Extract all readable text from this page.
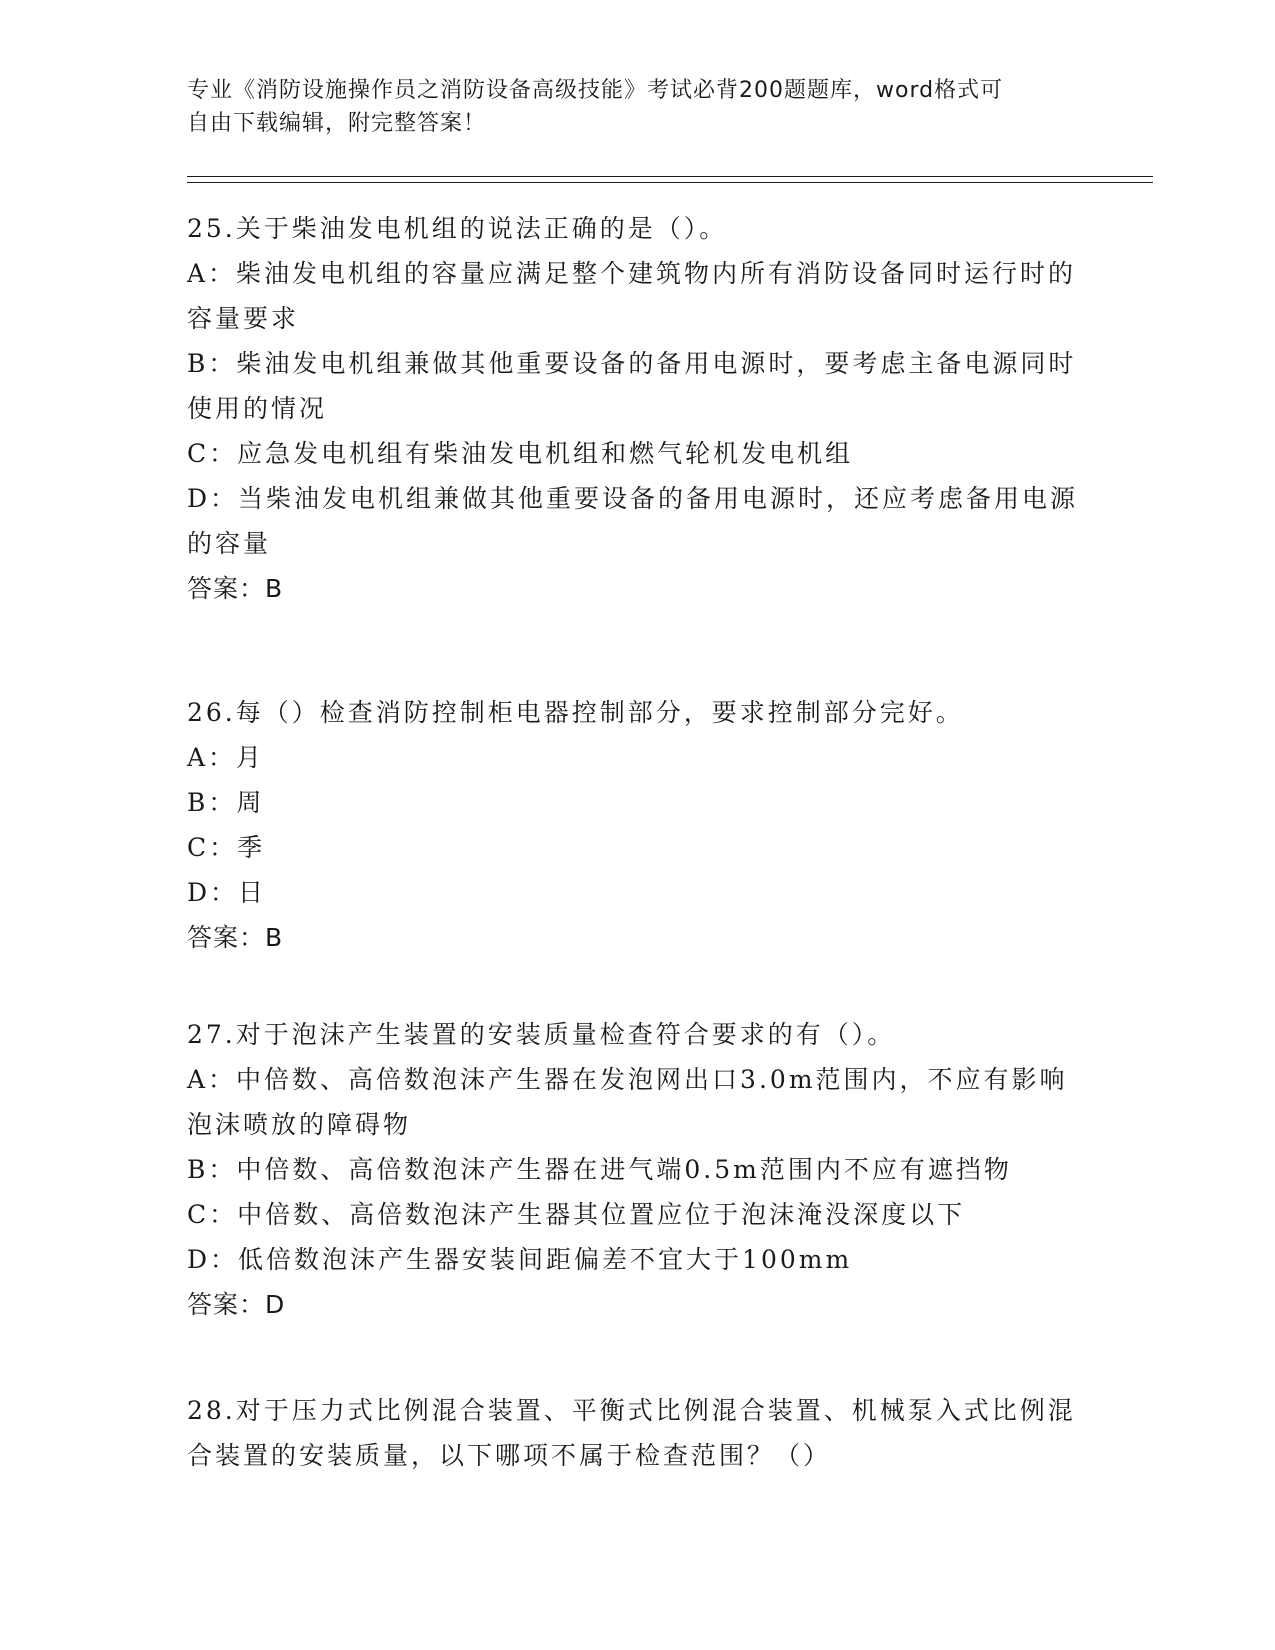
专业《消防设施操作员之消防设备高级技能》考试必背200题题库，word格式可
自由下载编辑，附完整答案！

25.关于柴油发电机组的说法正确的是（）。

A：柴油发电机组的容量应满足整个建筑物内所有消防设备同时运行时的容量要求

B：柴油发电机组兼做其他重要设备的备用电源时，要考虑主备电源同时使用的情况

C：应急发电机组有柴油发电机组和燃气轮机发电机组

D：当柴油发电机组兼做其他重要设备的备用电源时，还应考虑备用电源的容量

答案：B

26.每（）检查消防控制柜电器控制部分，要求控制部分完好。

A：月

B：周

C：季

D：日

答案：B

27.对于泡沫产生装置的安装质量检查符合要求的有（）。

A：中倍数、高倍数泡沫产生器在发泡网出口3.0m范围内，不应有影响泡沫喷放的障碍物

B：中倍数、高倍数泡沫产生器在进气端0.5m范围内不应有遮挡物

C：中倍数、高倍数泡沫产生器其位置应位于泡沫淹没深度以下

D：低倍数泡沫产生器安装间距偏差不宜大于100mm

答案：D

28.对于压力式比例混合装置、平衡式比例混合装置、机械泵入式比例混合装置的安装质量，以下哪项不属于检查范围？（）
